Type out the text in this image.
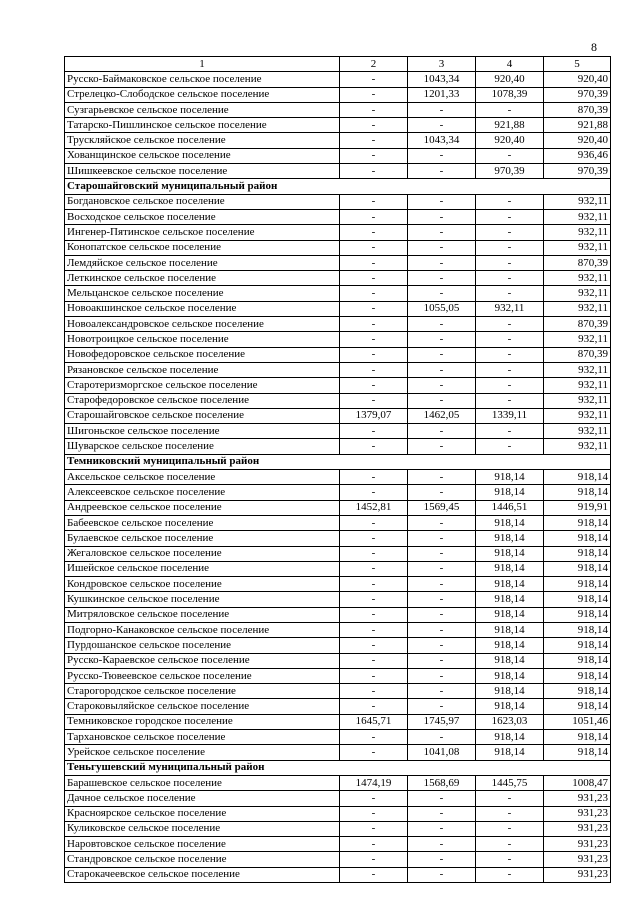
8
1	2	3	4	5
Русско-Баймаковское сельское поселение	-	1043,34	920,40	920,40
Стрелецко-Слободское сельское поселение	-	1201,33	1078,39	970,39
Сузгарьевское сельское поселение	-	-	-	870,39
Татарско-Пишлинское сельское поселение	-	-	921,88	921,88
Трускляйское сельское поселение	-	1043,34	920,40	920,40
Хованщинское сельское поселение	-	-	-	936,46
Шишкеевское сельское поселение	-	-	970,39	970,39
Старошайговский муниципальный район				
Богдановское сельское поселение	-	-	-	932,11
Восходское сельское поселение	-	-	-	932,11
Ингенер-Пятинское сельское поселение	-	-	-	932,11
Конопатское сельское поселение	-	-	-	932,11
Лемдяйское сельское поселение	-	-	-	870,39
Леткинское сельское поселение	-	-	-	932,11
Мельцанское сельское поселение	-	-	-	932,11
Новоакшинское сельское поселение	-	1055,05	932,11	932,11
Новоалександровское сельское поселение	-	-	-	870,39
Новотроицкое сельское поселение	-	-	-	932,11
Новофедоровское сельское поселение	-	-	-	870,39
Рязановское сельское поселение	-	-	-	932,11
Старотеризморгское сельское поселение	-	-	-	932,11
Старофедоровское сельское поселение	-	-	-	932,11
Старошайговское сельское поселение	1379,07	1462,05	1339,11	932,11
Шигоньское сельское поселение	-	-	-	932,11
Шуварское сельское поселение	-	-	-	932,11
Темниковский муниципальный район				
Аксельское сельское поселение	-	-	918,14	918,14
Алексеевское сельское поселение	-	-	918,14	918,14
Андреевское сельское поселение	1452,81	1569,45	1446,51	919,91
Бабеевское сельское поселение	-	-	918,14	918,14
Булаевское сельское поселение	-	-	918,14	918,14
Жегаловское сельское поселение	-	-	918,14	918,14
Ишейское сельское поселение	-	-	918,14	918,14
Кондровское сельское поселение	-	-	918,14	918,14
Кушкинское сельское поселение	-	-	918,14	918,14
Митряловское сельское поселение	-	-	918,14	918,14
Подгорно-Канаковское сельское поселение	-	-	918,14	918,14
Пурдошанское сельское поселение	-	-	918,14	918,14
Русско-Караевское сельское поселение	-	-	918,14	918,14
Русско-Тювеевское сельское поселение	-	-	918,14	918,14
Старогородское сельское поселение	-	-	918,14	918,14
Староковыляйское сельское поселение	-	-	918,14	918,14
Темниковское городское поселение	1645,71	1745,97	1623,03	1051,46
Тархановское сельское поселение	-	-	918,14	918,14
Урейское сельское поселение	-	1041,08	918,14	918,14
Теньгушевский муниципальный район				
Барашевское сельское поселение	1474,19	1568,69	1445,75	1008,47
Дачное сельское поселение	-	-	-	931,23
Красноярское сельское поселение	-	-	-	931,23
Куликовское сельское поселение	-	-	-	931,23
Наровтовское сельское поселение	-	-	-	931,23
Стандровское сельское поселение	-	-	-	931,23
Старокачеевское сельское поселение	-	-	-	931,23
